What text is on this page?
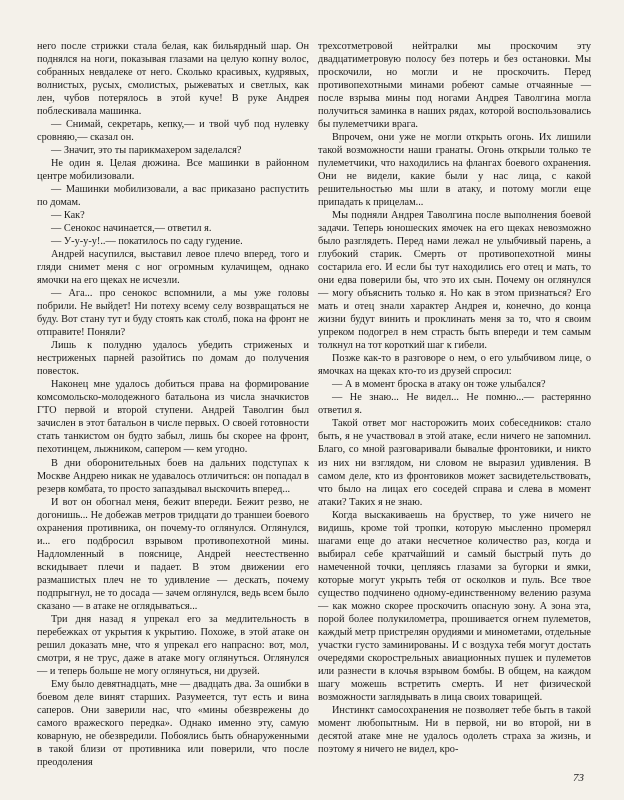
него после стрижки стала белая, как бильярдный шар. Он поднялся на ноги, показывая глазами на целую копну волос, собранных невдалеке от него. Сколько красивых, кудрявых, волнистых, русых, смолистых, рыжеватых и светлых, как лен, чубов потерялось в этой куче! В руке Андрея поблескивала машинка.

— Снимай, секретарь, кепку,— и твой чуб под нулевку сровняю,— сказал он.

— Значит, это ты парикмахером заделался?

Не один я. Целая дюжина. Все машинки в районном центре мобилизовали.

— Машинки мобилизовали, а вас приказано распустить по домам.

— Как?

— Сенокос начинается,— ответил я.

— У-у-у-у!..— покатилось по саду гудение.

Андрей насупился, выставил левое плечо вперед, того и гляди снимет меня с ног огромным кулачищем, однако ямочки на его щеках не исчезли.

— Ага... про сенокос вспомнили, а мы уже головы побрили. Не выйдет! Ни потеху всему селу возвращаться не буду. Вот стану тут и буду стоять как столб, пока на фронт не отправите! Поняли?

Лишь к полудню удалось убедить стриженых и нестриженых парней разойтись по домам до получения повесток.

Наконец мне удалось добиться права на формирование комсомольско-молодежного батальона из числа значкистов ГТО первой и второй ступени. Андрей Таволгин был зачислен в этот батальон в числе первых. О своей готовности стать танкистом он будто забыл, лишь бы скорее на фронт, пехотинцем, лыжником, сапером — кем угодно.

В дни оборонительных боев на дальних подступах к Москве Андрею никак не удавалось отличиться: он попадал в резерв комбата, то просто запаздывал выскочить вперед...

И вот он обогнал меня, бежит впереди. Бежит резво, не догонишь... Не добежав метров тридцати до траншеи боевого охранения противника, он почему-то оглянулся. Оглянулся, и... его подбросил взрывом противопехотной мины. Надломленный в пояснице, Андрей неестественно вскидывает плечи и падает. В этом движении его размашистых плеч не то удивление — дескать, почему подпрыгнул, не то досада — зачем оглянулся, ведь всем было сказано — в атаке не оглядываться...

Три дня назад я упрекал его за медлительность в перебежках от укрытия к укрытию. Похоже, в этой атаке он решил доказать мне, что я упрекал его напрасно: вот, мол, смотри, я не трус, даже в атаке могу оглянуться. Оглянулся — и теперь больше не могу оглянуться, ни друзей.

Ему было девятнадцать, мне — двадцать два. За ошибки в боевом деле винят старших. Разумеется, тут есть и вина саперов. Они заверили нас, что «мины обезврежены до самого вражеского передка». Однако именно эту, самую коварную, не обезвредили. Побоялись быть обнаруженными в такой близи от противника или поверили, что после преодоления

трехсотметровой нейтралки мы проскочим эту двадцатиметровую полосу без потерь и без остановки. Мы проскочили, но могли и не проскочить. Перед противопехотными минами робеют самые отчаянные — после взрыва мины под ногами Андрея Таволгина могла получиться заминка в наших рядах, которой воспользовались бы пулеметчики врага.

Впрочем, они уже не могли открыть огонь. Их лишили такой возможности наши гранаты. Огонь открыли только те пулеметчики, что находились на флангах боевого охранения. Они не видели, какие были у нас лица, с какой решительностью мы шли в атаку, и потому могли еще припадать к прицелам...

Мы подняли Андрея Таволгина после выполнения боевой задачи. Теперь юношеских ямочек на его щеках невозможно было разглядеть. Перед нами лежал не улыбчивый парень, а глубокий старик. Смерть от противопехотной мины состарила его. И если бы тут находились его отец и мать, то они едва поверили бы, что это их сын. Почему он оглянулся — могу объяснить только я. Но как в этом признаться? Его мать и отец знали характер Андрея и, конечно, до конца жизни будут винить и проклинать меня за то, что я своим упреком подогрел в нем страсть быть впереди и тем самым толкнул на тот короткий шаг к гибели.

Позже как-то в разговоре о нем, о его улыбчивом лице, о ямочках на щеках кто-то из друзей спросил:

— А в момент броска в атаку он тоже улыбался?

— Не знаю... Не видел... Не помню...— растерянно ответил я.

Такой ответ мог насторожить моих собеседников: стало быть, я не участвовал в этой атаке, если ничего не запомнил. Благо, со мной разговаривали бывалые фронтовики, и никто из них ни взглядом, ни словом не выразил удивления. В самом деле, кто из фронтовиков может засвидетельствовать, что было на лицах его соседей справа и слева в момент атаки? Таких я не знаю.

Когда выскакиваешь на бруствер, то уже ничего не видишь, кроме той тропки, которую мысленно промерял шагами еще до атаки несчетное количество раз, когда и выбирал себе кратчайший и самый быстрый путь до намеченной точки, цепляясь глазами за бугорки и ямки, которые могут укрыть тебя от осколков и пуль. Все твое существо подчинено одному-единственному велению разума — как можно скорее проскочить опасную зону. А зона эта, порой более полукилометра, прошивается огнем пулеметов, каждый метр пристрелян орудиями и минометами, отдельные участки густо заминированы. И с воздуха тебя могут достать очередями скорострельных авиационных пушек и пулеметов или разнести в клочья взрывом бомбы. В общем, на каждом шагу можешь встретить смерть. И нет физической возможности заглядывать в лица своих товарищей.

Инстинкт самосохранения не позволяет тебе быть в такой момент любопытным. Ни в первой, ни во второй, ни в десятой атаке мне не удалось одолеть страха за жизнь, и поэтому я ничего не видел, кро-

73
